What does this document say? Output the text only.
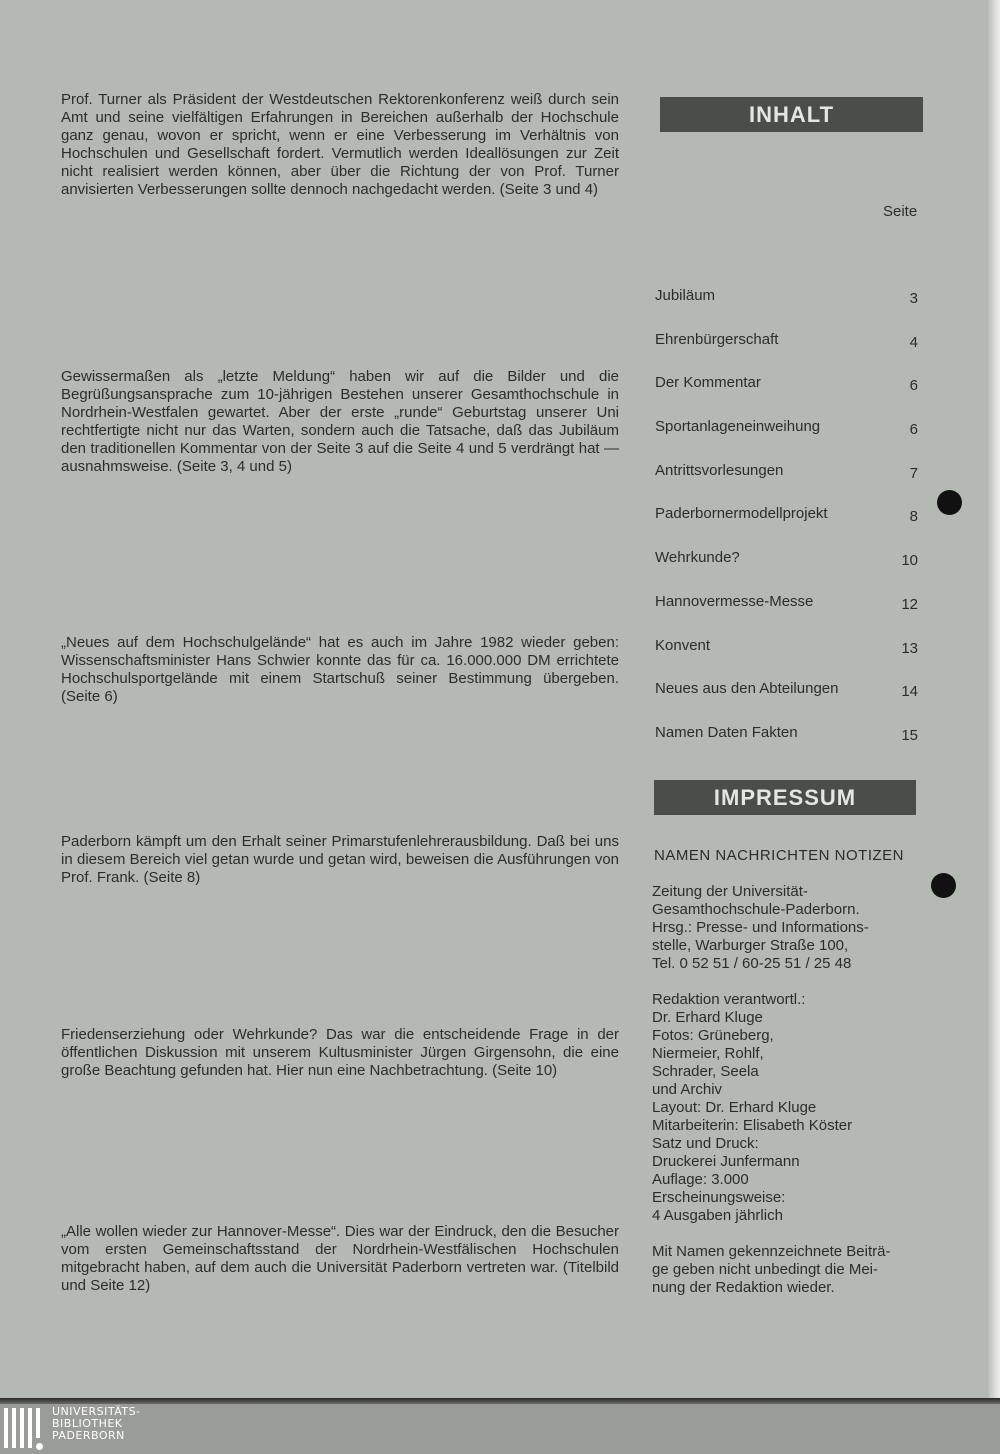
Prof. Turner als Präsident der Westdeutschen Rektorenkonferenz weiß durch sein Amt und seine vielfältigen Erfahrungen in Bereichen außerhalb der Hochschule ganz genau, wovon er spricht, wenn er eine Verbesserung im Verhältnis von Hochschulen und Gesellschaft fordert. Vermutlich werden Ideallösungen zur Zeit nicht realisiert werden können, aber über die Richtung der von Prof. Turner anvisierten Verbesserungen sollte dennoch nachgedacht werden. (Seite 3 und 4)

Gewissermaßen als „letzte Meldung“ haben wir auf die Bilder und die Begrüßungsansprache zum 10-jährigen Bestehen unserer Gesamthochschule in Nordrhein-Westfalen gewartet. Aber der erste „runde“ Geburtstag unserer Uni rechtfertigte nicht nur das Warten, sondern auch die Tatsache, daß das Jubiläum den traditionellen Kommentar von der Seite 3 auf die Seite 4 und 5 verdrängt hat — ausnahmsweise. (Seite 3, 4 und 5)

„Neues auf dem Hochschulgelände“ hat es auch im Jahre 1982 wieder geben: Wissenschaftsminister Hans Schwier konnte das für ca. 16.000.000 DM errichtete Hochschulsportgelände mit einem Startschuß seiner Bestimmung übergeben. (Seite 6)

Paderborn kämpft um den Erhalt seiner Primarstufenlehrerausbildung. Daß bei uns in diesem Bereich viel getan wurde und getan wird, beweisen die Ausführungen von Prof. Frank. (Seite 8)

Friedenserziehung oder Wehrkunde? Das war die entscheidende Frage in der öffentlichen Diskussion mit unserem Kultusminister Jürgen Girgensohn, die eine große Beachtung gefunden hat. Hier nun eine Nachbetrachtung. (Seite 10)

„Alle wollen wieder zur Hannover-Messe“. Dies war der Eindruck, den die Besucher vom ersten Gemeinschaftsstand der Nordrhein-Westfälischen Hochschulen mitgebracht haben, auf dem auch die Universität Paderborn vertreten war. (Titelbild und Seite 12)

INHALT
Seite
Jubiläum	3
Ehrenbürgerschaft	4
Der Kommentar	6
Sportanlageneinweihung	6
Antrittsvorlesungen	7
Paderbornermodellprojekt	8
Wehrkunde?	10
Hannovermesse-Messe	12
Konvent	13
Neues aus den Abteilungen	14
Namen Daten Fakten	15
IMPRESSUM
NAMEN NACHRICHTEN NOTIZEN
Zeitung der Universität-
Gesamthochschule-Paderborn.
Hrsg.: Presse- und Informations-
stelle, Warburger Straße 100,
Tel. 0 52 51 / 60-25 51 / 25 48
Redaktion verantwortl.:
Dr. Erhard Kluge
Fotos: Grüneberg,
Niermeier, Rohlf,
Schrader, Seela
und Archiv
Layout: Dr. Erhard Kluge
Mitarbeiterin: Elisabeth Köster
Satz und Druck:
Druckerei Junfermann
Auflage: 3.000
Erscheinungsweise:
4 Ausgaben jährlich
Mit Namen gekennzeichnete Beiträ-
ge geben nicht unbedingt die Mei-
nung der Redaktion wieder.
UNIVERSITÄTS-
BIBLIOTHEK
PADERBORN
